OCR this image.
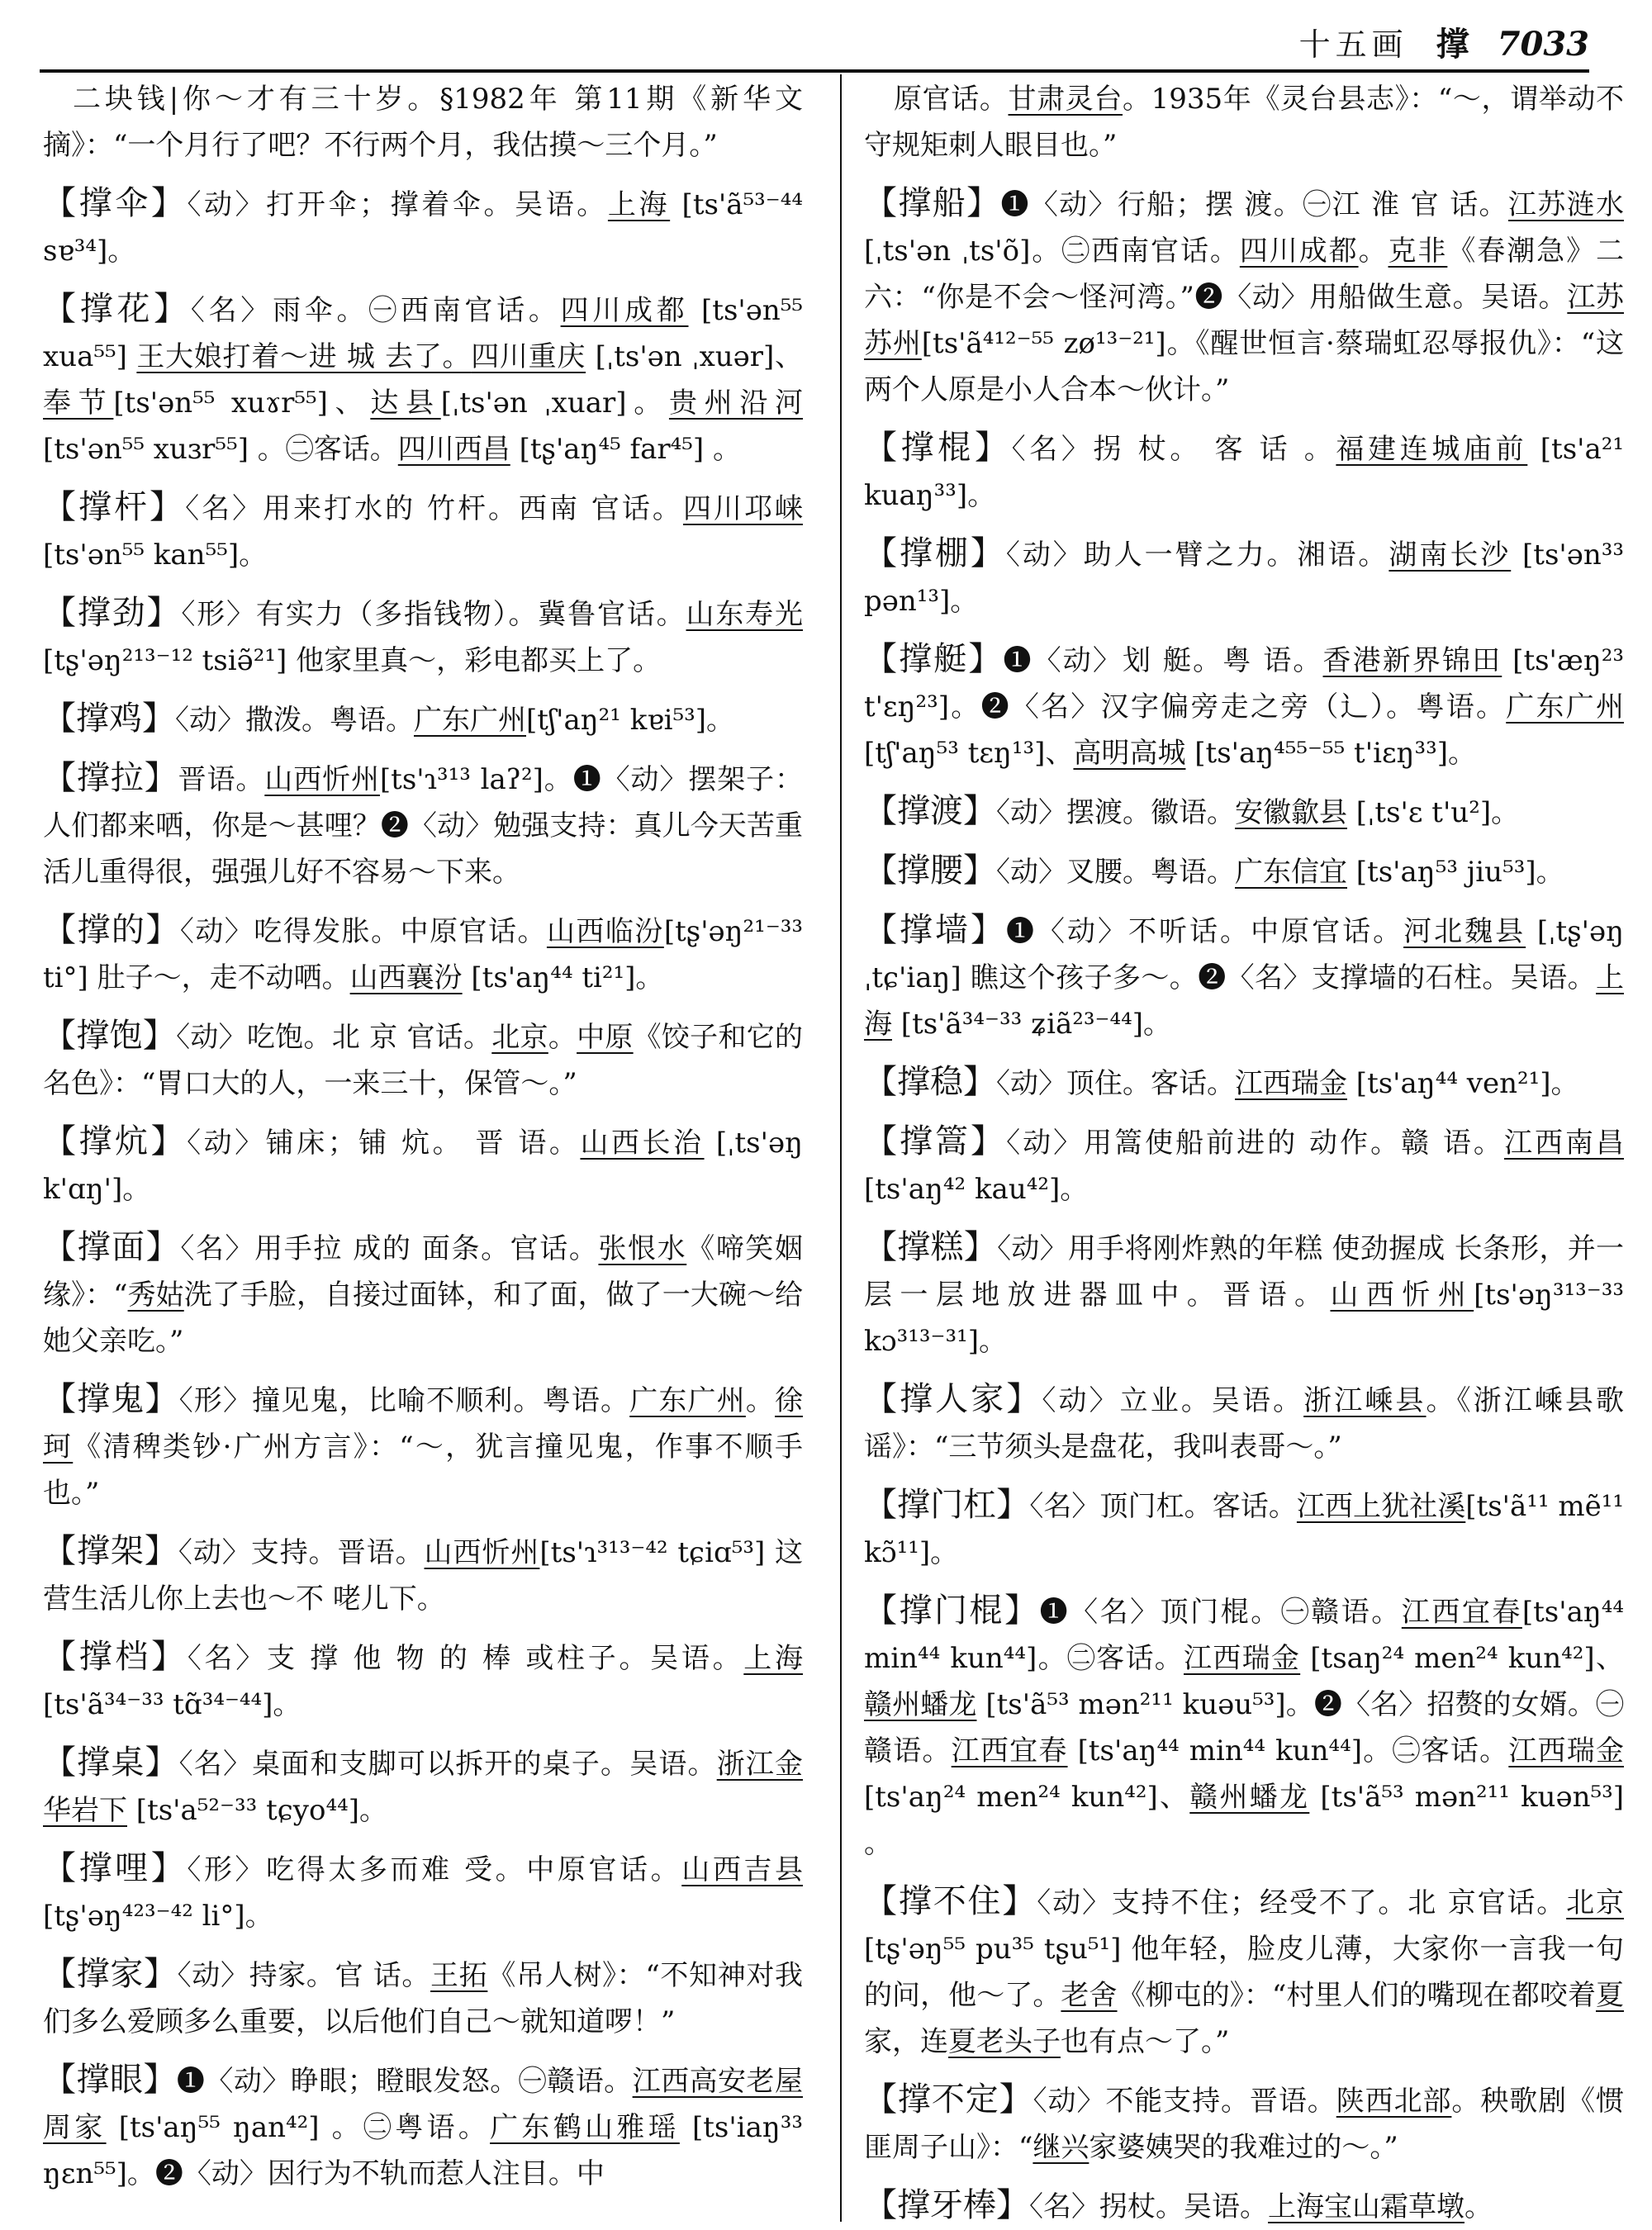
十五画 撑 7033

二块钱|你～才有三十岁。§1982年 第11期《新华文摘》：“一个月行了吧？不行两个月，我估摸～三个月。”

【撑伞】〈动〉打开伞；撑着伞。吴语。上海 [ts'ã⁵³⁻⁴⁴ sɐ³⁴]。

【撑花】〈名〉雨伞。㊀西南官话。四川成都 [ts'ən⁵⁵ xua⁵⁵] 王大娘打着～进 城 去了。四川重庆 [ˌts'ən ˌxuər]、奉节[ts'ən⁵⁵ xuɤr⁵⁵]、达县[ˌts'ən ˌxuar]。贵州沿河 [ts'ən⁵⁵ xuɜr⁵⁵] 。㊁客话。四川西昌 [tʂ'aŋ⁴⁵ far⁴⁵] 。

【撑杆】〈名〉用来打水的 竹杆。西南 官话。四川邛崃 [ts'ən⁵⁵ kan⁵⁵]。

【撑劲】〈形〉有实力（多指钱物）。冀鲁官话。山东寿光 [tʂ'əŋ²¹³⁻¹² tsiə̃²¹] 他家里真～，彩电都买上了。

【撑鸡】〈动〉撒泼。粤语。广东广州[tʃ'aŋ²¹ kɐi⁵³]。

【撑拉】晋语。山西忻州[ts'ɿ³¹³ laʔ²]。❶〈动〉摆架子：人们都来哂，你是～甚哩？❷〈动〉勉强支持：真儿今天苦重活儿重得很，强强儿好不容易～下来。

【撑的】〈动〉吃得发胀。中原官话。山西临汾[tʂ'əŋ²¹⁻³³ ti°] 肚子～，走不动哂。山西襄汾 [ts'aŋ⁴⁴ ti²¹]。

【撑饱】〈动〉吃饱。北 京 官话。北京。中原《饺子和它的名色》：“胃口大的人，一来三十，保管～。”

【撑炕】〈动〉铺床；铺 炕。 晋 语。山西长治 [ˌts'əŋ k'ɑŋ']。

【撑面】〈名〉用手拉 成的 面条。官话。张恨水《啼笑姻缘》：“秀姑洗了手脸，自接过面钵，和了面，做了一大碗～给她父亲吃。”

【撑鬼】〈形〉撞见鬼，比喻不顺利。粤语。广东广州。徐珂《清稗类钞·广州方言》：“～，犹言撞见鬼，作事不顺手也。”

【撑架】〈动〉支持。晋语。山西忻州[ts'ɿ³¹³⁻⁴² tɕiɑ⁵³] 这营生活儿你上去也～不 咾儿下。

【撑档】〈名〉支 撑 他 物 的 棒 或柱子。吴语。上海 [ts'ã³⁴⁻³³ tɑ̃³⁴⁻⁴⁴]。

【撑桌】〈名〉桌面和支脚可以拆开的桌子。吴语。浙江金华岩下 [ts'a⁵²⁻³³ tɕyo⁴⁴]。

【撑哩】〈形〉吃得太多而难 受。中原官话。山西吉县 [tʂ'əŋ⁴²³⁻⁴² li°]。

【撑家】〈动〉持家。官 话。王拓《吊人树》：“不知神对我们多么爱顾多么重要，以后他们自己～就知道啰！”

【撑眼】❶〈动〉睁眼；瞪眼发怒。㊀赣语。江西高安老屋周家 [ts'aŋ⁵⁵ ŋan⁴²] 。㊁粤语。广东鹤山雅瑶 [ts'iaŋ³³ ŋɛn⁵⁵]。❷〈动〉因行为不轨而惹人注目。中

原官话。甘肃灵台。1935年《灵台县志》：“～，谓举动不守规矩刺人眼目也。”

【撑船】❶〈动〉行船；摆 渡。㊀江 淮 官 话。江苏涟水 [ˌts'ən ˌts'õ]。㊁西南官话。四川成都。克非《春潮急》二六：“你是不会～怪河湾。”❷〈动〉用船做生意。吴语。江苏苏州[ts'ã⁴¹²⁻⁵⁵ zø¹³⁻²¹]。《醒世恒言·蔡瑞虹忍辱报仇》：“这两个人原是小人合本～伙计。”

【撑棍】〈名〉拐 杖。 客 话 。福建连城庙前 [ts'a²¹ kuaŋ³³]。

【撑棚】〈动〉助人一臂之力。湘语。湖南长沙 [ts'ən³³ pən¹³]。

【撑艇】❶〈动〉划 艇。粤 语。香港新界锦田 [ts'æŋ²³ t'ɛŋ²³]。❷〈名〉汉字偏旁走之旁（辶）。粤语。广东广州 [tʃ'aŋ⁵³ tɛŋ¹³]、高明高城 [ts'aŋ⁴⁵⁵⁻⁵⁵ t'iɛŋ³³]。

【撑渡】〈动〉摆渡。徽语。安徽歙县 [ˌts'ɛ t'u²]。

【撑腰】〈动〉叉腰。粤语。广东信宜 [ts'aŋ⁵³ jiu⁵³]。

【撑墙】❶〈动〉不听话。中原官话。河北魏县 [ˌtʂ'əŋ ˌtɕ'iaŋ] 瞧这个孩子多～。❷〈名〉支撑墙的石柱。吴语。上海 [ts'ã³⁴⁻³³ ʑiã²³⁻⁴⁴]。

【撑稳】〈动〉顶住。客话。江西瑞金 [ts'aŋ⁴⁴ ven²¹]。

【撑篙】〈动〉用篙使船前进的 动作。赣 语。江西南昌 [ts'aŋ⁴² kau⁴²]。

【撑糕】〈动〉用手将刚炸熟的年糕 使劲握成 长条形，并一层一层地放进器皿中。晋语。山西忻州[ts'əŋ³¹³⁻³³ kɔ³¹³⁻³¹]。

【撑人家】〈动〉立业。吴语。浙江嵊县。《浙江嵊县歌谣》：“三节须头是盘花，我叫表哥～。”

【撑门杠】〈名〉顶门杠。客话。江西上犹社溪[ts'ã¹¹ mẽ¹¹ kɔ̃¹¹]。

【撑门棍】❶〈名〉顶门棍。㊀赣语。江西宜春[ts'aŋ⁴⁴ min⁴⁴ kun⁴⁴]。㊁客话。江西瑞金 [tsaŋ²⁴ men²⁴ kun⁴²]、赣州蟠龙 [ts'ã⁵³ mən²¹¹ kuəu⁵³]。❷〈名〉招赘的女婿。㊀赣语。江西宜春 [ts'aŋ⁴⁴ min⁴⁴ kun⁴⁴]。㊁客话。江西瑞金 [ts'aŋ²⁴ men²⁴ kun⁴²]、赣州蟠龙 [ts'ã⁵³ mən²¹¹ kuən⁵³] 。

【撑不住】〈动〉支持不住；经受不了。北 京官话。北京 [tʂ'əŋ⁵⁵ pu³⁵ tʂu⁵¹] 他年轻，脸皮儿薄，大家你一言我一句的问，他～了。老舍《柳屯的》：“村里人们的嘴现在都咬着夏家，连夏老头子也有点～了。”

【撑不定】〈动〉不能支持。晋语。陕西北部。秧歌剧《惯匪周子山》：“继兴家婆姨哭的我难过的～。”

【撑牙棒】〈名〉拐杖。吴语。上海宝山霜草墩。
